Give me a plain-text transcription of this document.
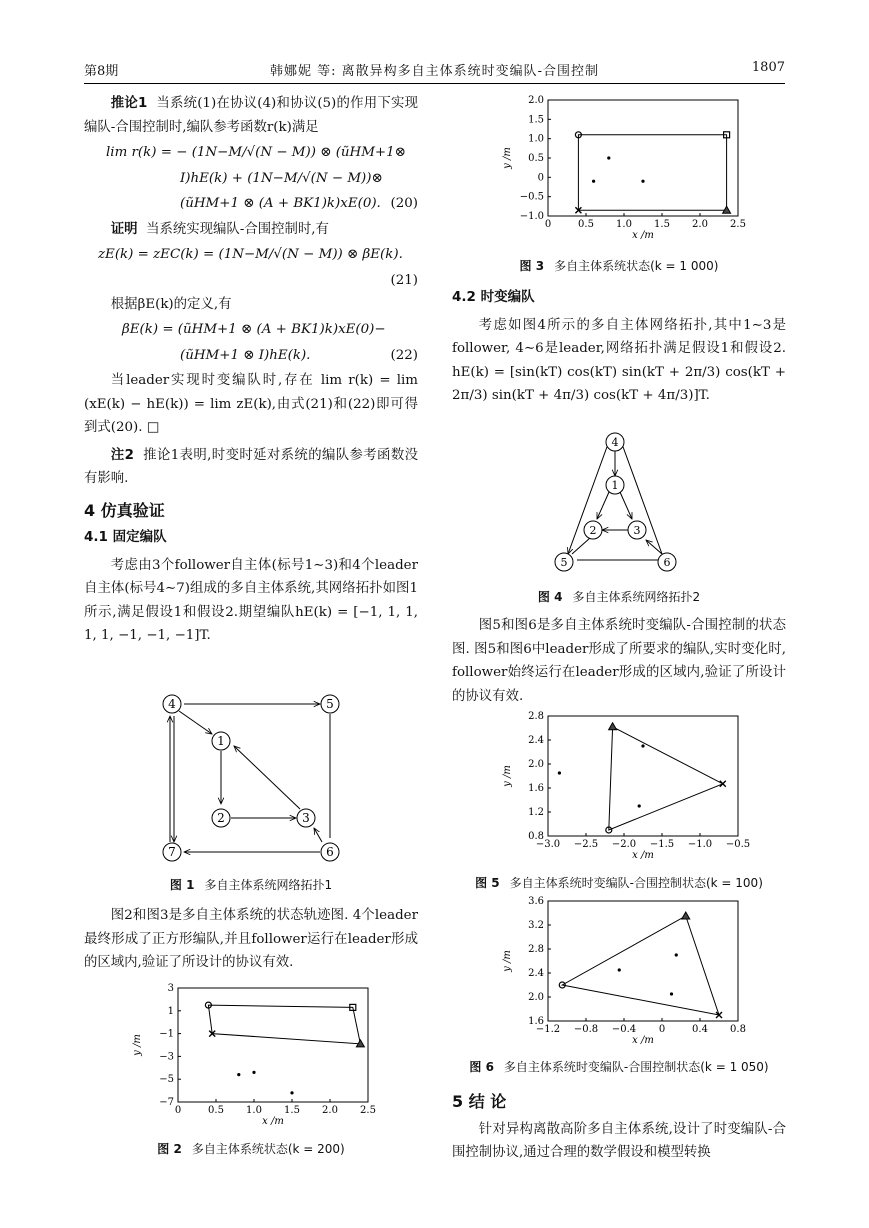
第8期	韩娜妮 等: 离散异构多自主体系统时变编队-合围控制	1807

推论1 当系统(1)在协议(4)和协议(5)的作用下实现编队-合围控制时,编队参考函数r(k)满足

lim r(k) = − (1N−M/√(N − M)) ⊗ (ũHM+1⊗
I)hE(k) + (1N−M/√(N − M))⊗
(ũHM+1 ⊗ (A + BK1)k)xE(0). (20)

证明 当系统实现编队-合围控制时,有

zE(k) = zEC(k) = (1N−M/√(N − M)) ⊗ βE(k).
(21)

根据βE(k)的定义,有

βE(k) = (ũHM+1 ⊗ (A + BK1)k)xE(0)−
(ũHM+1 ⊗ I)hE(k).	(22)

当leader实现时变编队时,存在 lim r(k) = lim (xE(k) − hE(k)) = lim zE(k),由式(21)和(22)即可得到式(20). □

注2 推论1表明,时变时延对系统的编队参考函数没有影响.

4 仿真验证
4.1 固定编队

考虑由3个follower自主体(标号1∼3)和4个leader自主体(标号4∼7)组成的多自主体系统,其网络拓扑如图1所示,满足假设1和假设2.期望编队hE(k) = [−1, 1, 1, 1, 1, −1, −1, −1]T.

4	5
1
2	3
7	6
图 1 多自主体系统网络拓扑1

图2和图3是多自主体系统的状态轨迹图. 4个leader最终形成了正方形编队,并且follower运行在leader形成的区域内,验证了所设计的协议有效.

0	0.5 1.0 1.5 2.0 2.5
3
1
−1
−3
−5
−7
x /m
y /m
图 2 多自主体系统状态(k = 200)
0	0.5 1.0 1.5 2.0 2.5
2.0
1.5
1.0
0.5
0
−0.5
−1.0
x /m
y /m
图 3 多自主体系统状态(k = 1 000)
4.2 时变编队

考虑如图4所示的多自主体网络拓扑,其中1∼3是follower, 4∼6是leader,网络拓扑满足假设1和假设2. hE(k) = [sin(kT) cos(kT) sin(kT + 2π/3) cos(kT + 2π/3) sin(kT + 4π/3) cos(kT + 4π/3)]T.

4
1
2	3
5	6
图 4 多自主体系统网络拓扑2

图5和图6是多自主体系统时变编队-合围控制的状态图. 图5和图6中leader形成了所要求的编队,实时变化时, follower始终运行在leader形成的区域内,验证了所设计的协议有效.

−3.0 −2.5 −2.0 −1.5 −1.0 −0.5
2.8
2.4
2.0
1.6
1.2
0.8
x /m
y /m
图 5 多自主体系统时变编队-合围控制状态(k = 100)
−1.2 −0.8 −0.4 0	0.4 0.8
3.6
3.2
2.8
2.4
2.0
1.6
x /m
y /m
图 6 多自主体系统时变编队-合围控制状态(k = 1 050)
5 结 论

针对异构离散高阶多自主体系统,设计了时变编队-合围控制协议,通过合理的数学假设和模型转换
